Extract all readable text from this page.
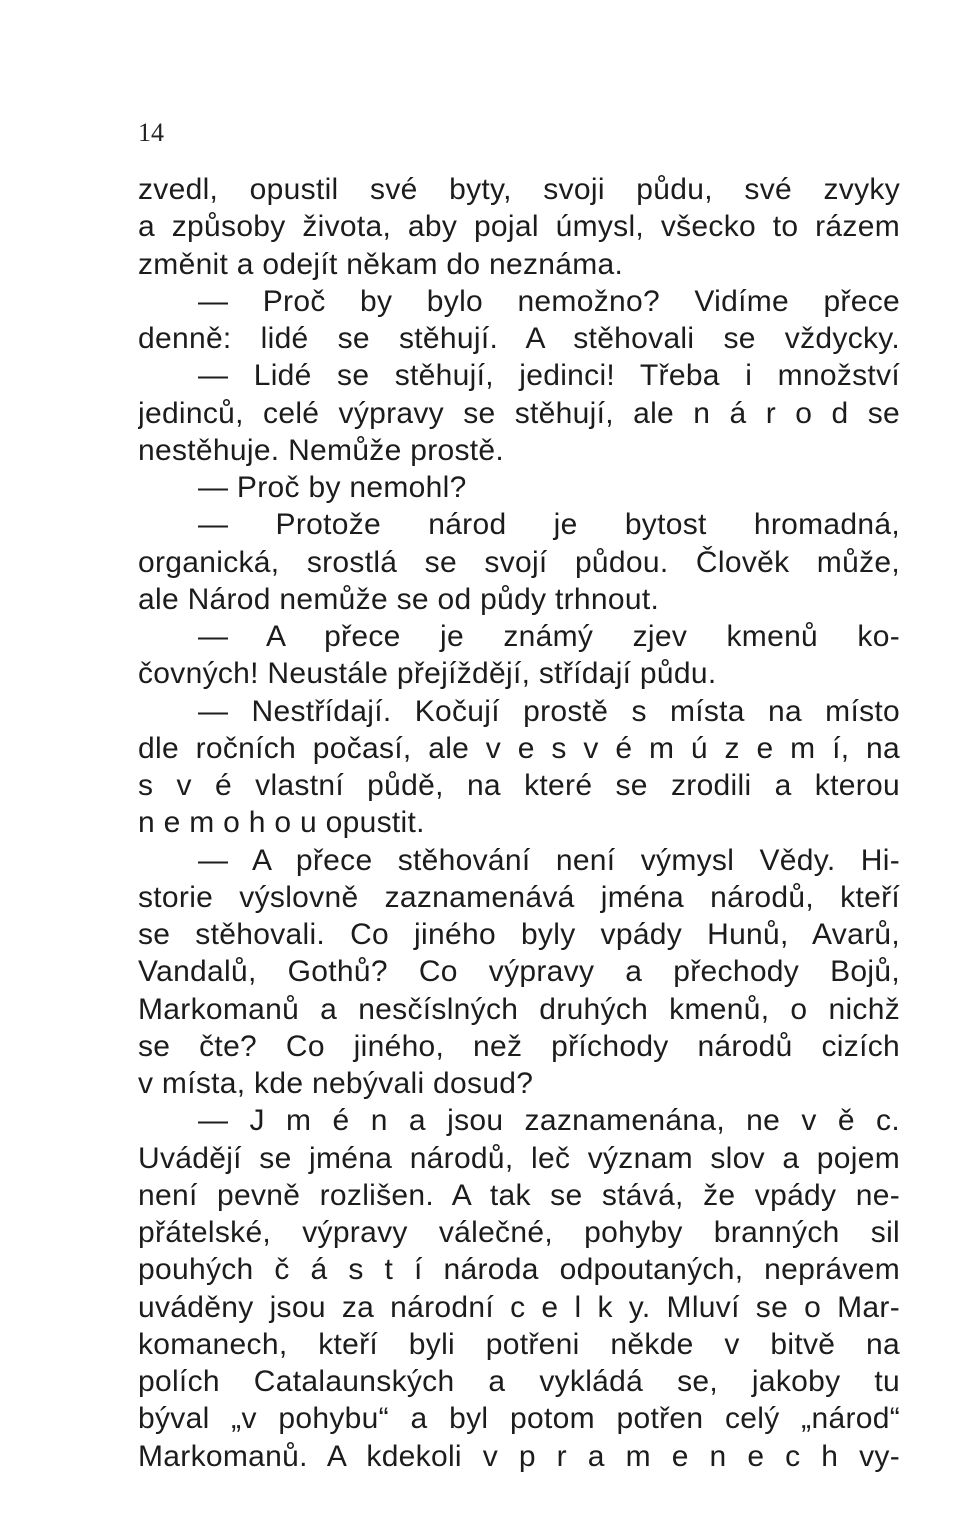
14
zvedl, opustil své byty, svoji půdu, své zvyky
a způsoby života, aby pojal úmysl, všecko to rázem
změnit a odejít někam do neznáma.
— Proč by bylo nemožno? Vidíme přece
denně: lidé se stěhují. A stěhovali se vždycky.
— Lidé se stěhují, jedinci! Třeba i množství
jedinců, celé výpravy se stěhují, ale n á r o d se
nestěhuje. Nemůže prostě.
— Proč by nemohl?
— Protože národ je bytost hromadná,
organická, srostlá se svojí půdou. Člověk může,
ale Národ nemůže se od půdy trhnout.
— A přece je známý zjev kmenů ko-
čovných! Neustále přejíždějí, střídají půdu.
— Nestřídají. Kočují prostě s místa na místo
dle ročních počasí, ale v e s v é m ú z e m í, na
s v é vlastní půdě, na které se zrodili a kterou
n e m o h o u opustit.
— A přece stěhování není výmysl Vědy. Hi-
storie výslovně zaznamenává jména národů, kteří
se stěhovali. Co jiného byly vpády Hunů, Avarů,
Vandalů, Gothů? Co výpravy a přechody Bojů,
Markomanů a nesčíslných druhých kmenů, o nichž
se čte? Co jiného, než příchody národů cizích
v místa, kde nebývali dosud?
— J m é n a jsou zaznamenána, ne v ě c.
Uvádějí se jména národů, leč význam slov a pojem
není pevně rozlišen. A tak se stává, že vpády ne-
přátelské, výpravy válečné, pohyby branných sil
pouhých č á s t í národa odpoutaných, neprávem
uváděny jsou za národní c e l k y. Mluví se o Mar-
komanech, kteří byli potřeni někde v bitvě na
polích Catalaunských a vykládá se, jakoby tu
býval „v pohybu“ a byl potom potřen celý „národ“
Markomanů. A kdekoli v p r a m e n e c h vy-
